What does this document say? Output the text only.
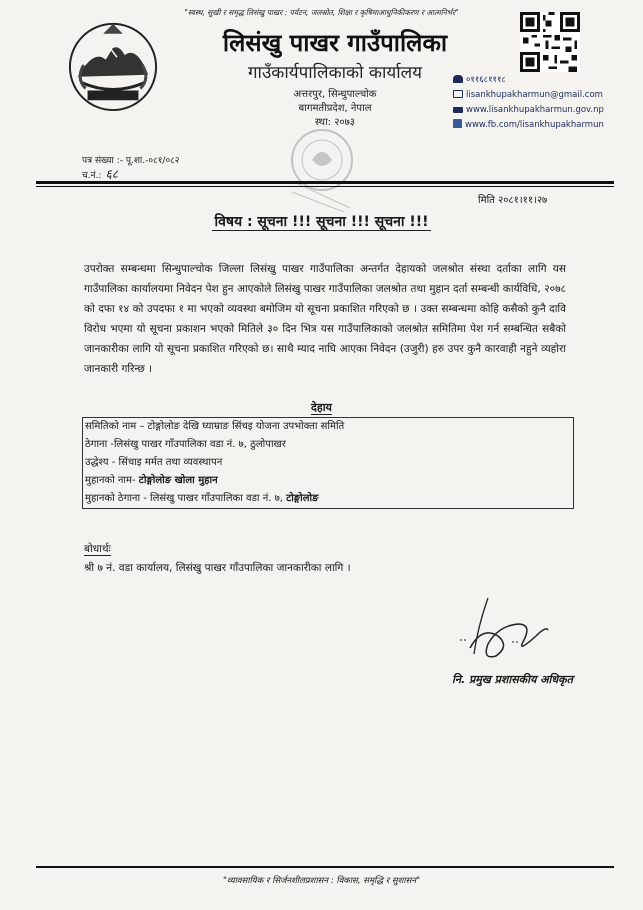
"स्वस्थ, सुखी र समृद्ध लिसंखु पाखर : पर्यटन, जलस्रोत, शिक्षा र कृषिमाआधुनिकीकरण र आत्मनिर्भर"
लिसंखु पाखर गाउँपालिका
गाउँकार्यपालिकाको कार्यालय
अत्तरपुर, सिन्धुपाल्चोक
बागमतीप्रदेश, नेपाल
स्था: २०७३
०११६८१११८
lisankhupakharmun@gmail.com
www.lisankhupakharmun.gov.np
www.fb.com/lisankhupakharmun
पत्र संख्या :- पू.शा.-०८१/०८२
च.नं.: ६८
मिति २०८१।११।२७
विषय : सूचना !!! सूचना !!! सूचना !!!
उपरोक्त सम्बन्धमा सिन्धुपाल्चोक जिल्ला लिसंखु पाखर गाउँपालिका अन्तर्गत देहायको जलश्रोत संस्था दर्ताका लागि यस गाउँपालिका कार्यालयमा निवेदन पेश हुन आएकोले लिसंखु पाखर गाउँपालिका जलश्रोत तथा मुहान दर्ता सम्बन्धी कार्यविधि, २०७८ को दफा १४ को उपदफा १ मा भएको व्यवस्था बमोजिम यो सूचना प्रकाशित गरिएको छ । उक्त सम्बन्धमा कोहि कसैको कुनै दावि विरोध भएमा यो सूचना प्रकाशन भएको मितिले ३० दिन भित्र यस गाउँपालिकाको जलश्रोत समितिमा पेश गर्न सम्बन्धित सबैको जानकारीका लागि यो सूचना प्रकाशित गरिएको छ। साथै म्याद नाघि आएका निवेदन (उजुरी) हरु उपर कुनै कारवाही नहुने व्यहोरा जानकारी गरिन्छ ।
देहाय
समितिको नाम – टोङ्गोलोङ देखि घ्याम्राङ सिंचइ योजना उपभोक्ता समिति
ठेगाना -लिसंखु पाखर गाँउपालिका वडा नं. ७, ठुलोपाखर
उद्धेश्य - सिंचाइ मर्मत तथा व्यवस्थापन
मुहानको नाम- टोङ्गोलोङ खोला मुहान
मुहानको ठेगाना - लिसंखु पाखर गाँउपालिका वडा नं. ७, टोङ्गोलोङ
बोधार्थः
श्री ७ नं. वडा कार्यालय, लिसंखु पाखर गाँउपालिका जानकारीका लागि ।
नि. प्रमुख प्रशासकीय अधिकृत
"व्यावसायिक र सिर्जनशीलप्रशासन : विकास, समृद्धि र सुशासन"
